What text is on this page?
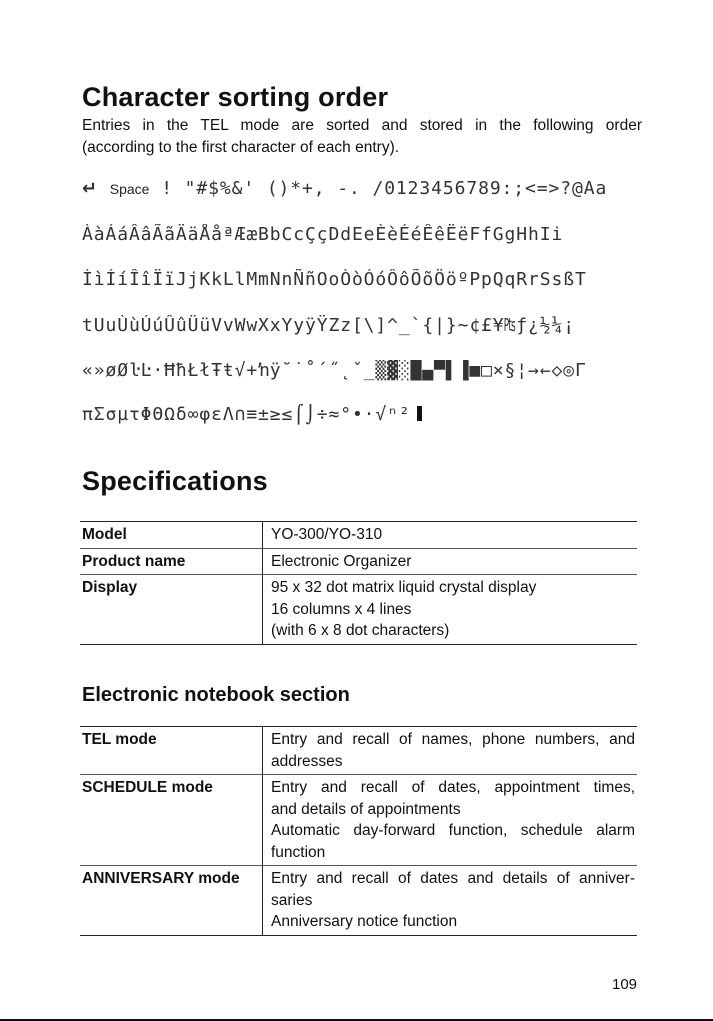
Character sorting order

Entries in the TEL mode are sorted and stored in the following order
(according to the first character of each entry).

↵ Space ! "#$%&' ()*+, -. /0123456789:;<=>?@Aa
ÀàÁáÂâÃãÄäÅåªÆæBbCcÇçDdEeÈèÉéÊêËëFfGgHhIi
ÌìÍíÎîÏïJjKkLlMmNnÑñOoÒòÓóÔôÕõÖöºPpQqRrSsßT
tUuÙùÚúÛûÜüVvWwXxYyÿŸZz[\]^_`{|}~¢£¥₧ƒ¿½¼¡
«»øØŀĿ·ĦħŁłŦŧ√+ŉÿ˘˙˚´˝˛ˇ_▒▓░█▄▀▌▐■□×§¦→←◇◎Γ
πΣσµτΦΘΩδ∞φεΛ∩≡±≥≤⌠⌡÷≈°•·√ⁿ²
Specifications
Model	YO-300/YO-310

Product name	Electronic Organizer

Display	95 x 32 dot matrix liquid crystal display
16 columns x 4 lines
(with 6 x 8 dot characters)
Electronic notebook section
TEL mode	Entry and recall of names, phone numbers, and
addresses

SCHEDULE mode	Entry and recall of dates, appointment times,
and details of appointments
Automatic day-forward function, schedule alarm
function

ANNIVERSARY mode	Entry and recall of dates and details of anniver-
saries
Anniversary notice function
109
